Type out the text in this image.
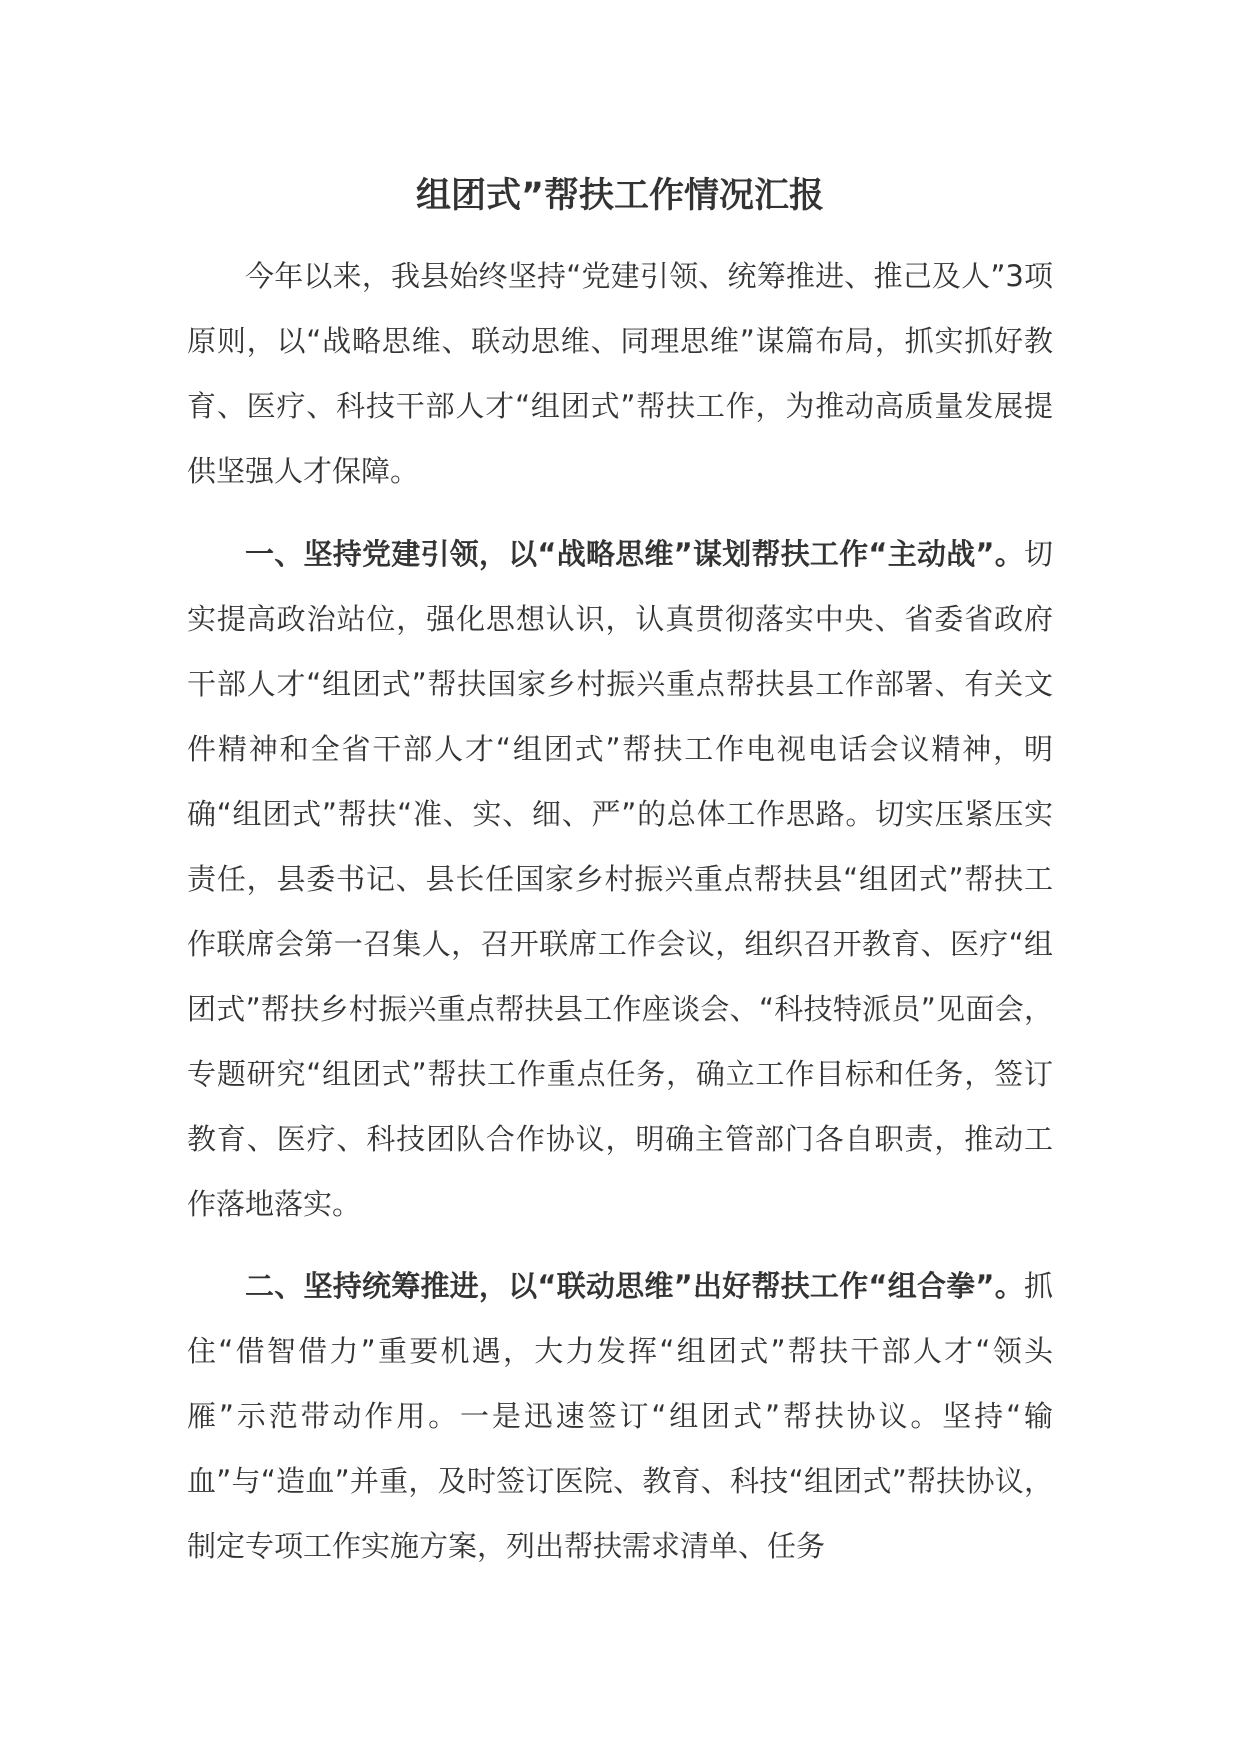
组团式”帮扶工作情况汇报

今年以来，我县始终坚持“党建引领、统筹推进、推己及人”3项原则，以“战略思维、联动思维、同理思维”谋篇布局，抓实抓好教育、医疗、科技干部人才“组团式”帮扶工作，为推动高质量发展提供坚强人才保障。

一、坚持党建引领，以“战略思维”谋划帮扶工作“主动战”。切实提高政治站位，强化思想认识，认真贯彻落实中央、省委省政府干部人才“组团式”帮扶国家乡村振兴重点帮扶县工作部署、有关文件精神和全省干部人才“组团式”帮扶工作电视电话会议精神，明确“组团式”帮扶“准、实、细、严”的总体工作思路。切实压紧压实责任，县委书记、县长任国家乡村振兴重点帮扶县“组团式”帮扶工作联席会第一召集人，召开联席工作会议，组织召开教育、医疗“组团式”帮扶乡村振兴重点帮扶县工作座谈会、“科技特派员”见面会，专题研究“组团式”帮扶工作重点任务，确立工作目标和任务，签订教育、医疗、科技团队合作协议，明确主管部门各自职责，推动工作落地落实。

二、坚持统筹推进，以“联动思维”出好帮扶工作“组合拳”。抓住“借智借力”重要机遇，大力发挥“组团式”帮扶干部人才“领头雁”示范带动作用。一是迅速签订“组团式”帮扶协议。坚持“输血”与“造血”并重，及时签订医院、教育、科技“组团式”帮扶协议，制定专项工作实施方案，列出帮扶需求清单、任务
